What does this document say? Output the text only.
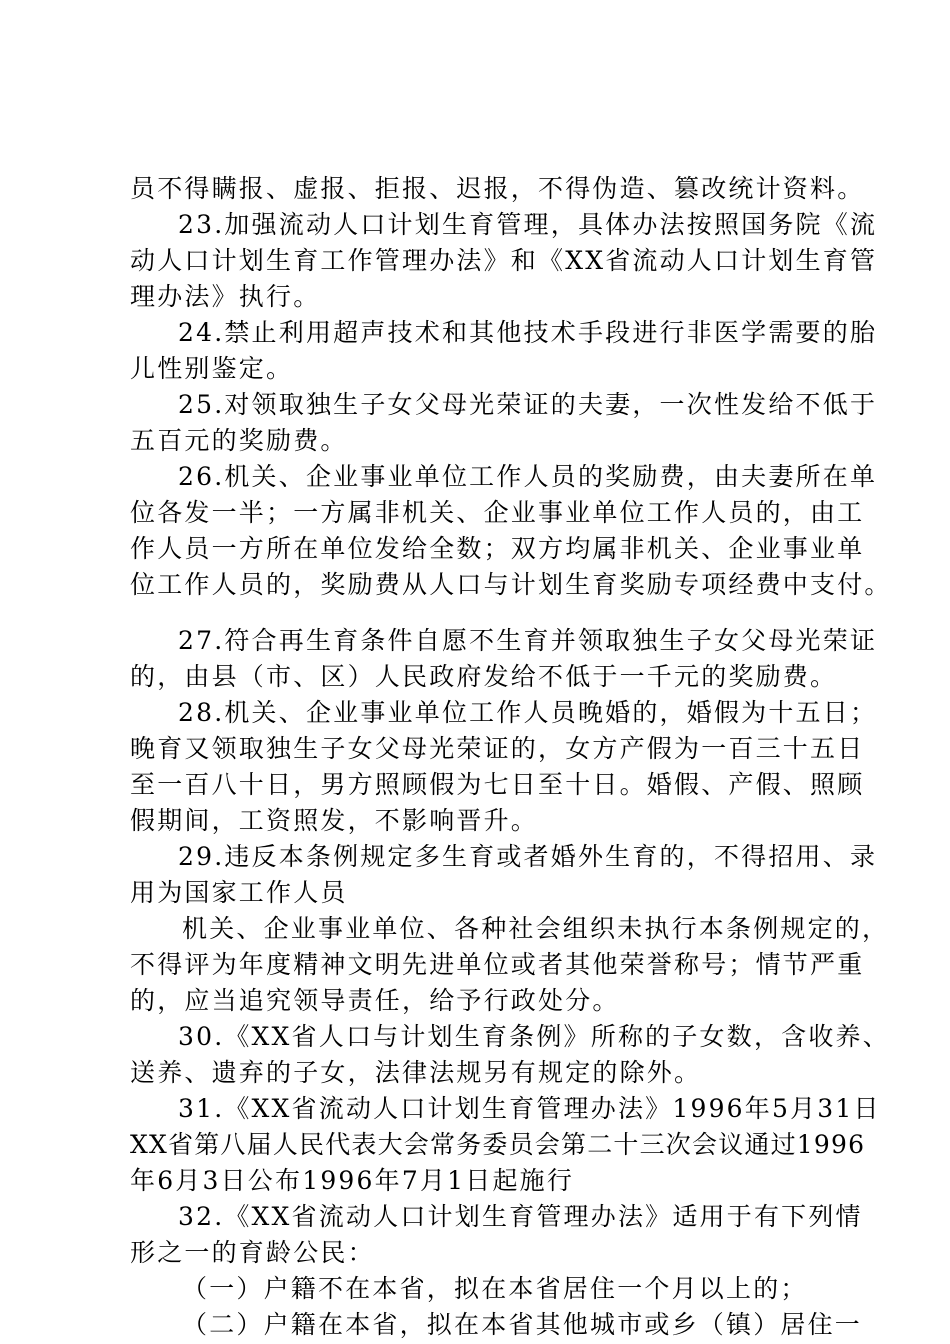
员不得瞒报、虚报、拒报、迟报，不得伪造、篡改统计资料。
23.加强流动人口计划生育管理，具体办法按照国务院《流
动人口计划生育工作管理办法》和《XX省流动人口计划生育管
理办法》执行。
24.禁止利用超声技术和其他技术手段进行非医学需要的胎
儿性别鉴定。
25.对领取独生子女父母光荣证的夫妻，一次性发给不低于
五百元的奖励费。
26.机关、企业事业单位工作人员的奖励费，由夫妻所在单
位各发一半；一方属非机关、企业事业单位工作人员的，由工
作人员一方所在单位发给全数；双方均属非机关、企业事业单
位工作人员的，奖励费从人口与计划生育奖励专项经费中支付。
27.符合再生育条件自愿不生育并领取独生子女父母光荣证
的，由县（市、区）人民政府发给不低于一千元的奖励费。
28.机关、企业事业单位工作人员晚婚的，婚假为十五日；
晚育又领取独生子女父母光荣证的，女方产假为一百三十五日
至一百八十日，男方照顾假为七日至十日。婚假、产假、照顾
假期间，工资照发，不影响晋升。
29.违反本条例规定多生育或者婚外生育的，不得招用、录
用为国家工作人员
机关、企业事业单位、各种社会组织未执行本条例规定的，
不得评为年度精神文明先进单位或者其他荣誉称号；情节严重
的，应当追究领导责任，给予行政处分。
30.《XX省人口与计划生育条例》所称的子女数，含收养、
送养、遗弃的子女，法律法规另有规定的除外。
31.《XX省流动人口计划生育管理办法》1996年5月31日
XX省第八届人民代表大会常务委员会第二十三次会议通过1996
年6月3日公布1996年7月1日起施行
32.《XX省流动人口计划生育管理办法》适用于有下列情
形之一的育龄公民：
（一）户籍不在本省，拟在本省居住一个月以上的；
（二）户籍在本省，拟在本省其他城市或乡（镇）居住一
